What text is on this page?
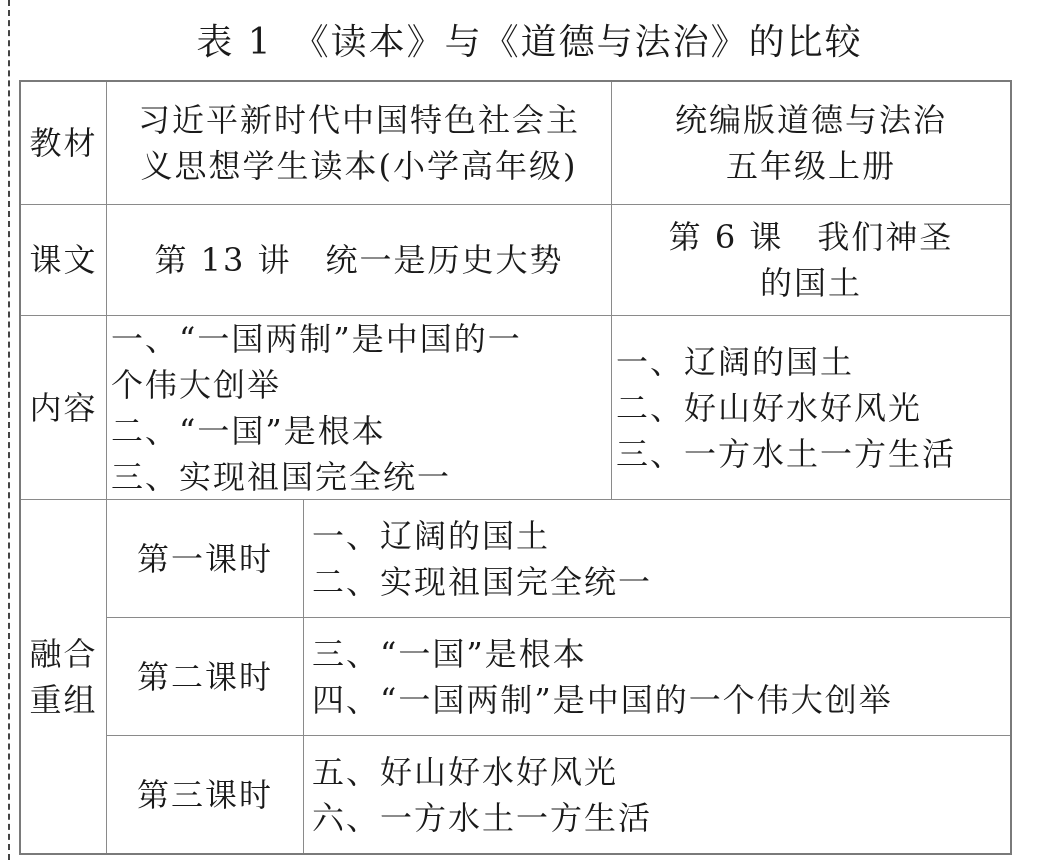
表 1　《读本》与《道德与法治》的比较
教材
习近平新时代中国特色社会主
义思想学生读本(小学高年级)
统编版道德与法治
五年级上册
课文 第 13 讲　统一是历史大势
第 6 课　我们神圣
的国土
内容
一、“一国两制”是中国的一
个伟大创举
二、“一国”是根本
三、实现祖国完全统一
一、辽阔的国土
二、好山好水好风光
三、一方水土一方生活
融合
重组
第一课时
一、辽阔的国土
二、实现祖国完全统一
第二课时
三、“一国”是根本
四、“一国两制”是中国的一个伟大创举
第三课时
五、好山好水好风光
六、一方水土一方生活
